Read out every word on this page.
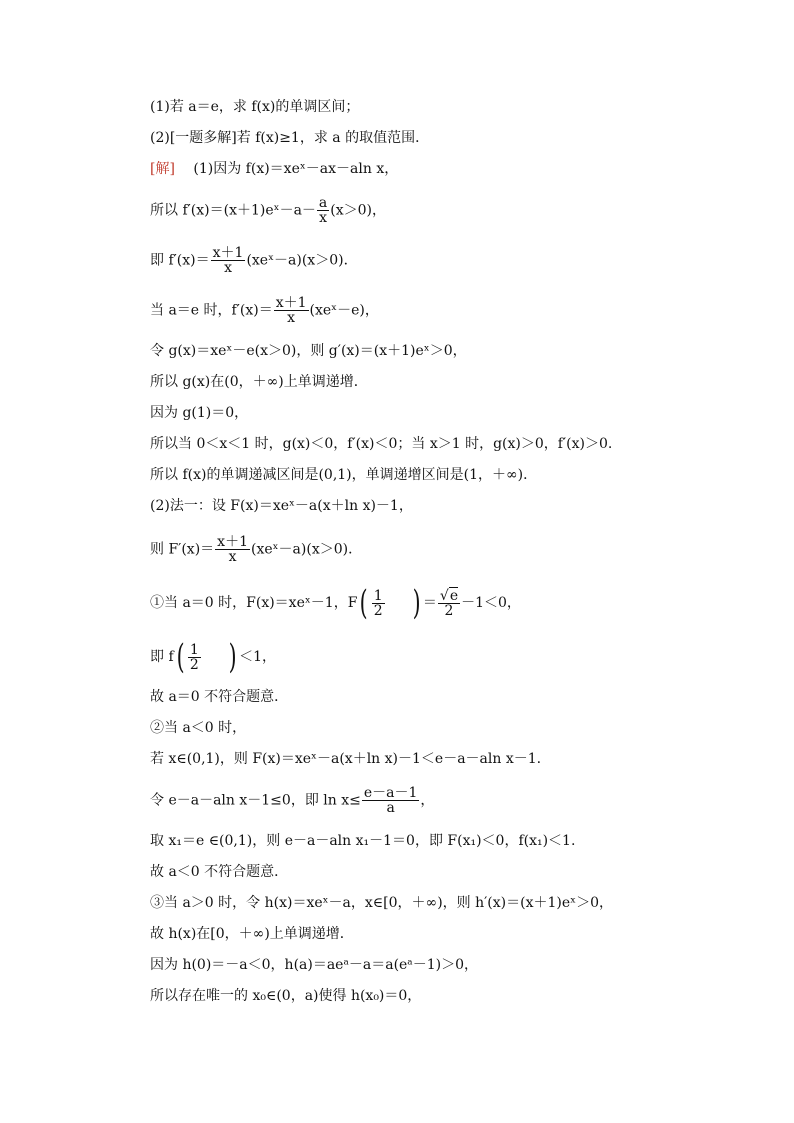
(1)若 a＝e，求 f(x)的单调区间；
(2)[一题多解]若 f(x)≥1，求 a 的取值范围．
[解] (1)因为 f(x)＝xeˣ－ax－aln x，
所以 f′(x)＝(x＋1)eˣ－a－ $\frac{a}{x} (x>0)$，
即 $f'(x)= \frac{x+1}{x}$ (xeˣ－a)(x＞0)．
当 a＝e 时，$f'(x)= \frac{x+1}{x}$ (xeˣ－e)，
令 g(x)＝xeˣ－e(x＞0)，则 g′(x)＝(x＋1)eˣ＞0，
所以 g(x)在(0，＋∞)上单调递增．
因为 g(1)＝0，
所以当 0＜x＜1 时，g(x)＜0，f′(x)＜0；当 x＞1 时，g(x)＞0，f′(x)＞0.
所以 f(x)的单调递减区间是(0,1)，单调递增区间是(1，＋∞)．
(2)法一：设 F(x)＝xeˣ－a(x＋ln x)－1，
则 $F'(x)= \frac{x+1}{x}$ (xeˣ－a)(x＞0)．
①当 a＝0 时，F(x)＝xeˣ－1，$F( \frac{1}{2}$ ) ＝ $\frac{√e}{2} -1<0$，
即 $f( \frac{1}{2}$ ) ＜1，
故 a＝0 不符合题意．
②当 a＜0 时，
若 x∈(0,1)，则 F(x)＝xeˣ－a(x＋ln x)－1＜e－a－aln x－1.
令 e－a－aln x－1≤0，即 $\ln x\le \frac{e-a-1}{a}$ ，
取 x₁＝e ∈(0,1)，则 e－a－aln x₁－1＝0，即 F(x₁)＜0，f(x₁)＜1.
故 a＜0 不符合题意．
③当 a＞0 时，令 h(x)＝xeˣ－a，x∈[0，＋∞)，则 h′(x)＝(x＋1)eˣ＞0，
故 h(x)在[0，＋∞)上单调递增．
因为 h(0)＝－a＜0，h(a)＝aeᵃ－a＝a(eᵃ－1)＞0，
所以存在唯一的 x₀∈(0，a)使得 h(x₀)＝0，
